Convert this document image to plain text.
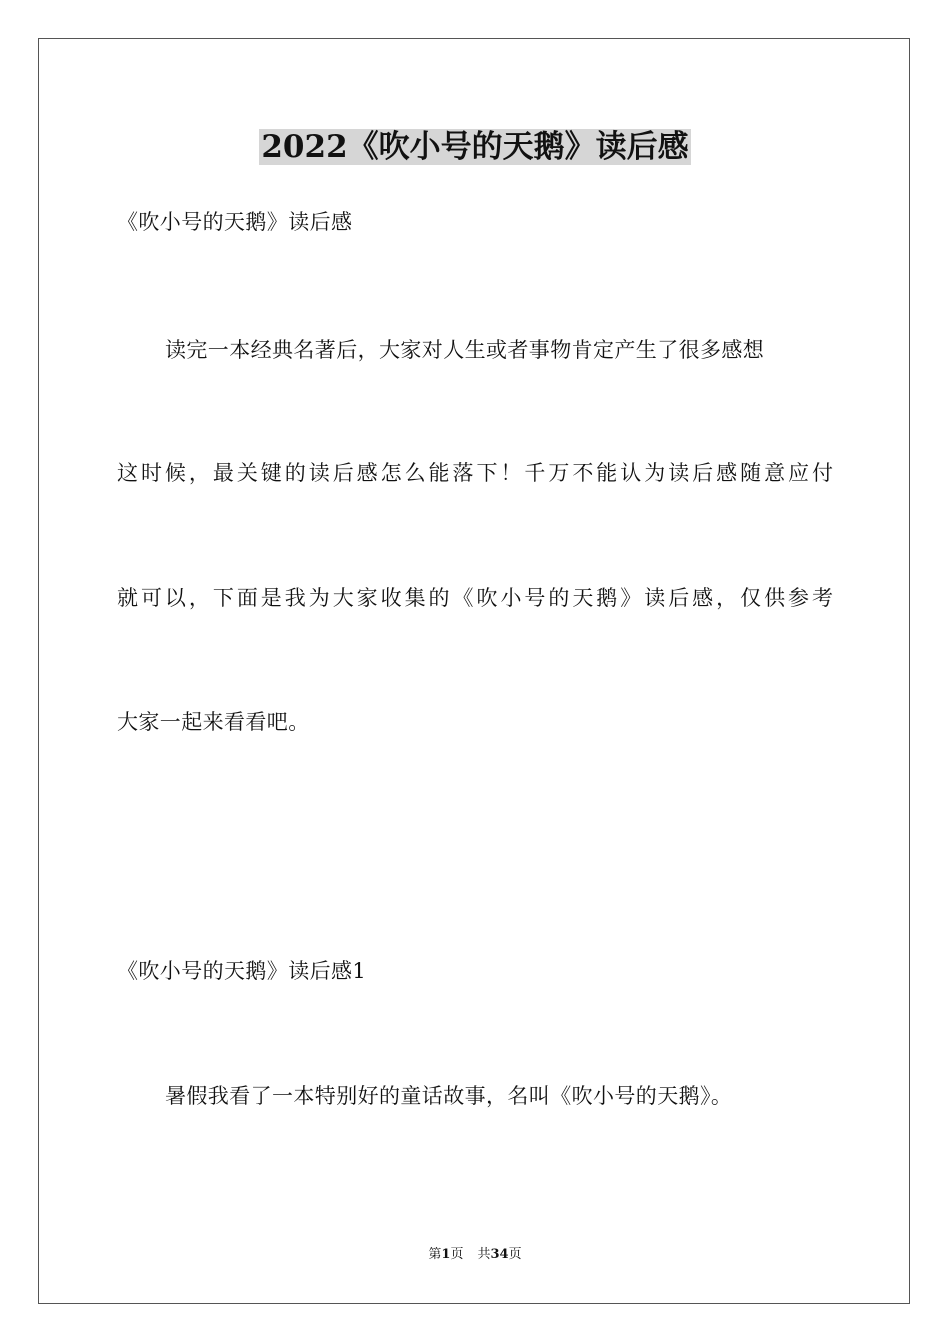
2022《吹小号的天鹅》读后感

《吹小号的天鹅》读后感

读完一本经典名著后，大家对人生或者事物肯定产生了很多感想

这时候，最关键的读后感怎么能落下！千万不能认为读后感随意应付

就可以，下面是我为大家收集的《吹小号的天鹅》读后感，仅供参考

大家一起来看看吧。

《吹小号的天鹅》读后感1

暑假我看了一本特别好的童话故事，名叫《吹小号的天鹅》。

第1页 共34页
